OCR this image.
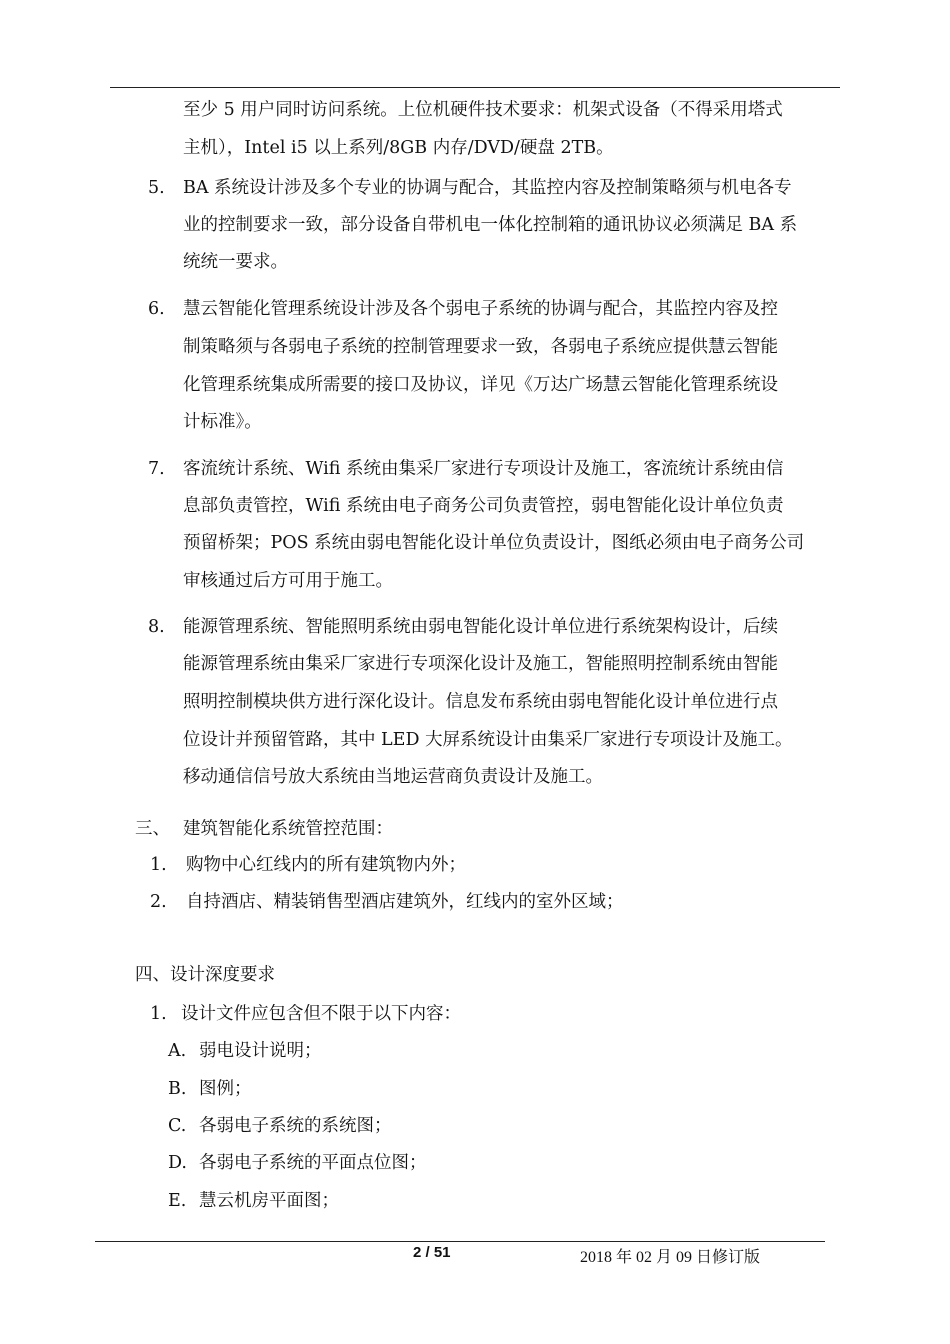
至少 5 用户同时访问系统。上位机硬件技术要求：机架式设备（不得采用塔式
主机），Intel i5 以上系列/8GB 内存/DVD/硬盘 2TB。
5. BA 系统设计涉及多个专业的协调与配合，其监控内容及控制策略须与机电各专
业的控制要求一致，部分设备自带机电一体化控制箱的通讯协议必须满足 BA 系
统统一要求。
6. 慧云智能化管理系统设计涉及各个弱电子系统的协调与配合，其监控内容及控
制策略须与各弱电子系统的控制管理要求一致，各弱电子系统应提供慧云智能
化管理系统集成所需要的接口及协议，详见《万达广场慧云智能化管理系统设
计标准》。
7. 客流统计系统、Wifi 系统由集采厂家进行专项设计及施工，客流统计系统由信
息部负责管控，Wifi 系统由电子商务公司负责管控，弱电智能化设计单位负责
预留桥架；POS 系统由弱电智能化设计单位负责设计，图纸必须由电子商务公司
审核通过后方可用于施工。
8. 能源管理系统、智能照明系统由弱电智能化设计单位进行系统架构设计，后续
能源管理系统由集采厂家进行专项深化设计及施工，智能照明控制系统由智能
照明控制模块供方进行深化设计。信息发布系统由弱电智能化设计单位进行点
位设计并预留管路，其中 LED 大屏系统设计由集采厂家进行专项设计及施工。
移动通信信号放大系统由当地运营商负责设计及施工。
三、 建筑智能化系统管控范围：
1. 购物中心红线内的所有建筑物内外；
2. 自持酒店、精装销售型酒店建筑外，红线内的室外区域；
四、设计深度要求
1. 设计文件应包含但不限于以下内容：
A. 弱电设计说明；
B. 图例；
C. 各弱电子系统的系统图；
D. 各弱电子系统的平面点位图；
E. 慧云机房平面图；
2 / 51	2018 年 02 月 09 日修订版
